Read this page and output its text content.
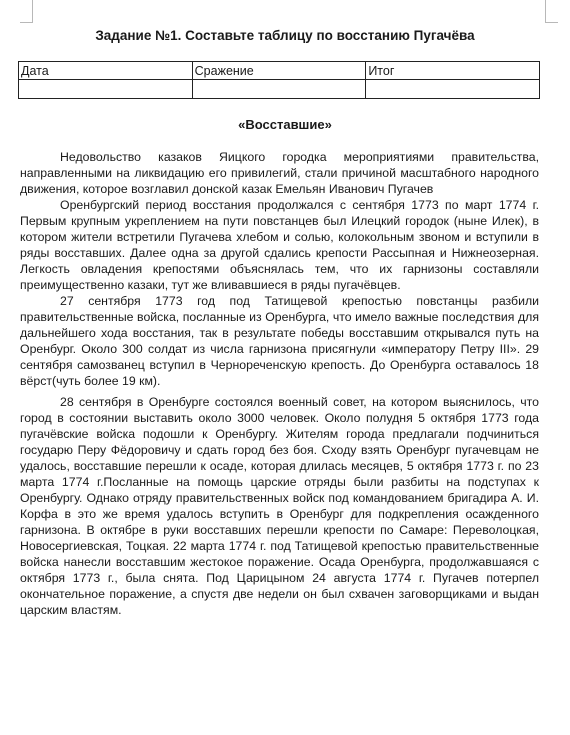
Задание №1. Составьте таблицу по восстанию Пугачёва
Дата	Сражение	Итог

«Восставшие»

Недовольство казаков Яицкого городка мероприятиями правительства, направленными на ликвидацию его привилегий, стали причиной масштабного народного движения, которое возглавил донской казак Емельян Иванович Пугачев

Оренбургский период восстания продолжался с сентября 1773 по март 1774 г. Первым крупным укреплением на пути повстанцев был Илецкий городок (ныне Илек), в котором жители встретили Пугачева хлебом и солью, колокольным звоном и вступили в ряды восставших. Далее одна за другой сдались крепости Рассыпная и Нижнеозерная. Легкость овладения крепостями объяснялась тем, что их гарнизоны составляли преимущественно казаки, тут же вливавшиеся в ряды пугачёвцев.

27 сентября 1773 год под Татищевой крепостью повстанцы разбили правительственные войска, посланные из Оренбурга, что имело важные последствия для дальнейшего хода восстания, так в результате победы восставшим открывался путь на Оренбург. Около 300 солдат из числа гарнизона присягнули «императору Петру III». 29 сентября самозванец вступил в Чернореченскую крепость. До Оренбурга оставалось 18 вёрст(чуть более 19 км).

28 сентября в Оренбурге состоялся военный совет, на котором выяснилось, что город в состоянии выставить около 3000 человек. Около полудня 5 октября 1773 года пугачёвские войска подошли к Оренбургу. Жителям города предлагали подчиниться государю Перу Фёдоровичу и сдать город без боя. Сходу взять Оренбург пугачевцам не удалось, восставшие перешли к осаде, которая длилась месяцев, 5 октября 1773 г. по 23 марта 1774 г.Посланные на помощь царские отряды были разбиты на подступах к Оренбургу. Однако отряду правительственных войск под командованием бригадира А. И. Корфа в это же время удалось вступить в Оренбург для подкрепления осажденного гарнизона. В октябре в руки восставших перешли крепости по Самаре: Переволоцкая, Новосергиевская, Тоцкая. 22 марта 1774 г. под Татищевой крепостью правительственные войска нанесли восставшим жестокое поражение. Осада Оренбурга, продолжавшаяся с октября 1773 г., была снята. Под Царицыном 24 августа 1774 г. Пугачев потерпел окончательное поражение, а спустя две недели он был схвачен заговорщиками и выдан царским властям.
